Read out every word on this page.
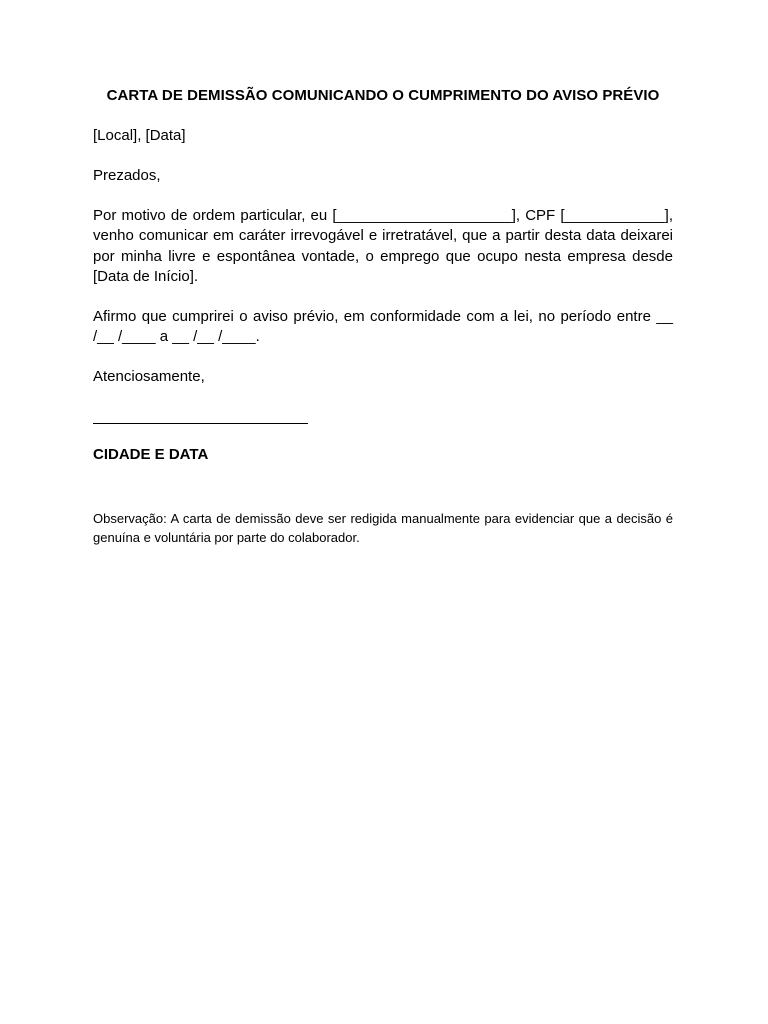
CARTA DE DEMISSÃO COMUNICANDO O CUMPRIMENTO DO AVISO PRÉVIO

[Local], [Data]

Prezados,

Por motivo de ordem particular, eu [_____________________], CPF [____________], venho comunicar em caráter irrevogável e irretratável, que a partir desta data deixarei por minha livre e espontânea vontade, o emprego que ocupo nesta empresa desde [Data de Início].

Afirmo que cumprirei o aviso prévio, em conformidade com a lei, no período entre __ /__ /____ a __ /__ /____.

Atenciosamente,

CIDADE E DATA

Observação: A carta de demissão deve ser redigida manualmente para evidenciar que a decisão é genuína e voluntária por parte do colaborador.
